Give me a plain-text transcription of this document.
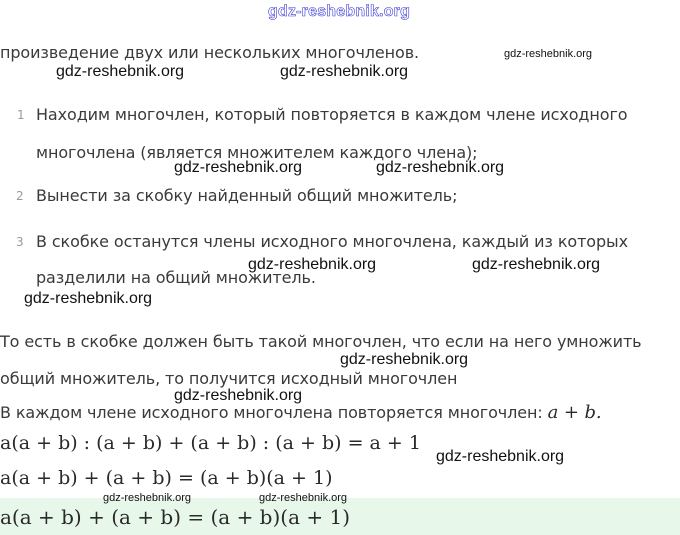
gdz-reshebnik.org
произведение двух или нескольких многочленов.
1 Находим многочлен, который повторяется в каждом члене исходного
многочлена (является множителем каждого члена);
2 Вынести за скобку найденный общий множитель;
3 В скобке останутся члены исходного многочлена, каждый из которых
разделили на общий множитель.
То есть в скобке должен быть такой многочлен, что если на него умножить
общий множитель, то получится исходный многочлен
В каждом члене исходного многочлена повторяется многочлен: a + b.
a(a + b) : (a + b) + (a + b) : (a + b) = a + 1
a(a + b) + (a + b) = (a + b)(a + 1)
a(a + b) + (a + b) = (a + b)(a + 1)
gdz-reshebnik.org
gdz-reshebnik.org	gdz-reshebnik.org
gdz-reshebnik.org	gdz-reshebnik.org
gdz-reshebnik.org	gdz-reshebnik.org
gdz-reshebnik.org
gdz-reshebnik.org
gdz-reshebnik.org
gdz-reshebnik.org
gdz-reshebnik.org	gdz-reshebnik.org
